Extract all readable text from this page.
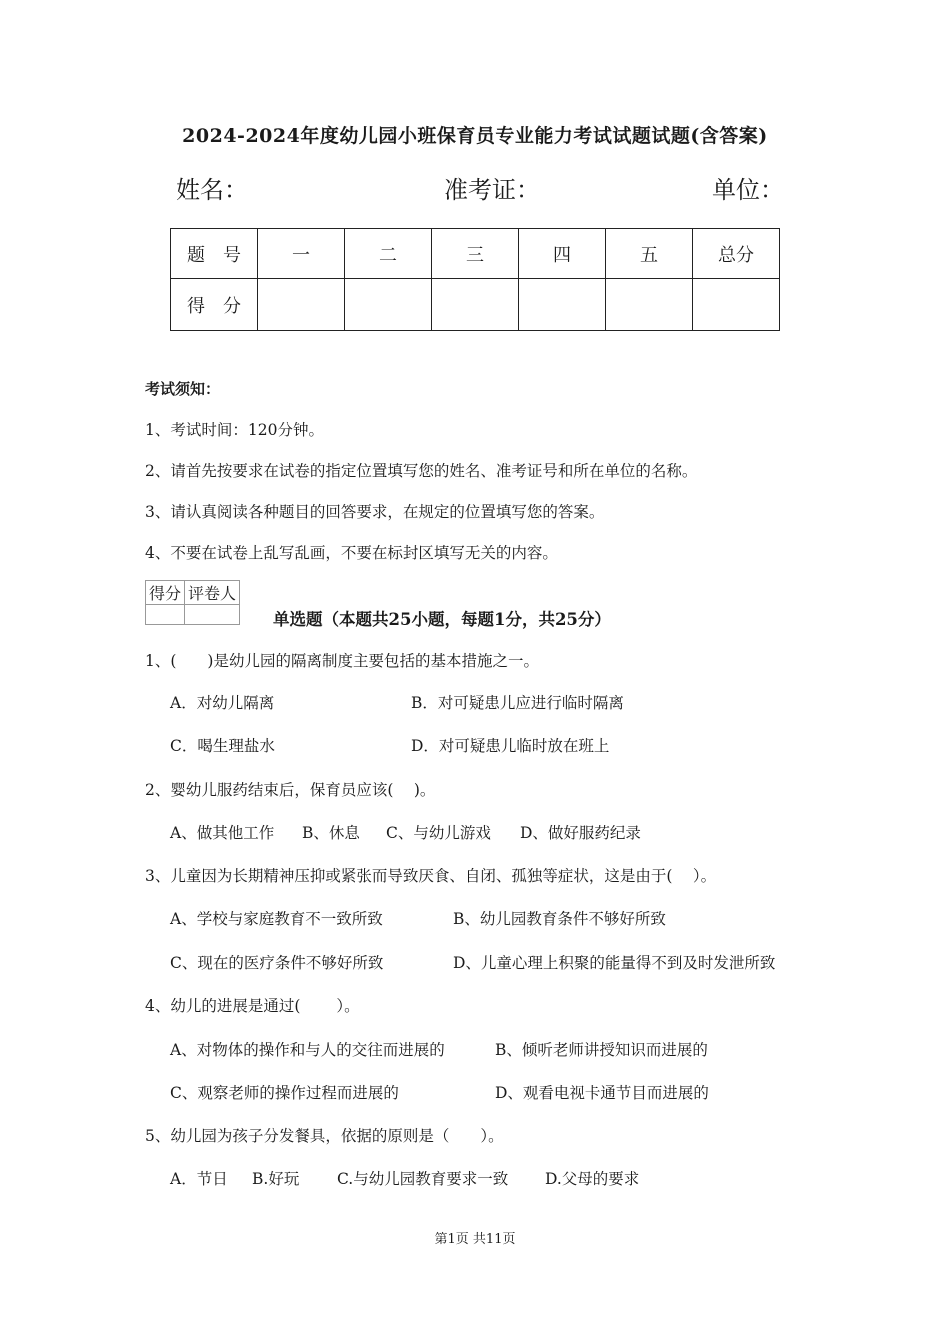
2024-2024年度幼儿园小班保育员专业能力考试试题试题(含答案)
姓名：	准考证：	单位：
题　号	一	二	三	四	五	总分
得　分						
考试须知：
1、考试时间：120分钟。
2、请首先按要求在试卷的指定位置填写您的姓名、准考证号和所在单位的名称。
3、请认真阅读各种题目的回答要求，在规定的位置填写您的答案。
4、不要在试卷上乱写乱画，不要在标封区填写无关的内容。
得分	评卷人

单选题（本题共25小题，每题1分，共25分）
1、(　　)是幼儿园的隔离制度主要包括的基本措施之一。
A．对幼儿隔离	B．对可疑患儿应进行临时隔离
C．喝生理盐水	D．对可疑患儿临时放在班上
2、婴幼儿服药结束后，保育员应该(　 )。
A、做其他工作 B、休息 C、与幼儿游戏 D、做好服药纪录
3、儿童因为长期精神压抑或紧张而导致厌食、自闭、孤独等症状，这是由于(　 ）。
A、学校与家庭教育不一致所致	B、幼儿园教育条件不够好所致
C、现在的医疗条件不够好所致	D、儿童心理上积聚的能量得不到及时发泄所致
4、幼儿的进展是通过(　　 ）。
A、对物体的操作和与人的交往而进展的	B、倾听老师讲授知识而进展的
C、观察老师的操作过程而进展的	D、观看电视卡通节目而进展的
5、幼儿园为孩子分发餐具，依据的原则是（　　）。
A．节日 B.好玩 C.与幼儿园教育要求一致 D.父母的要求
第1页 共11页
